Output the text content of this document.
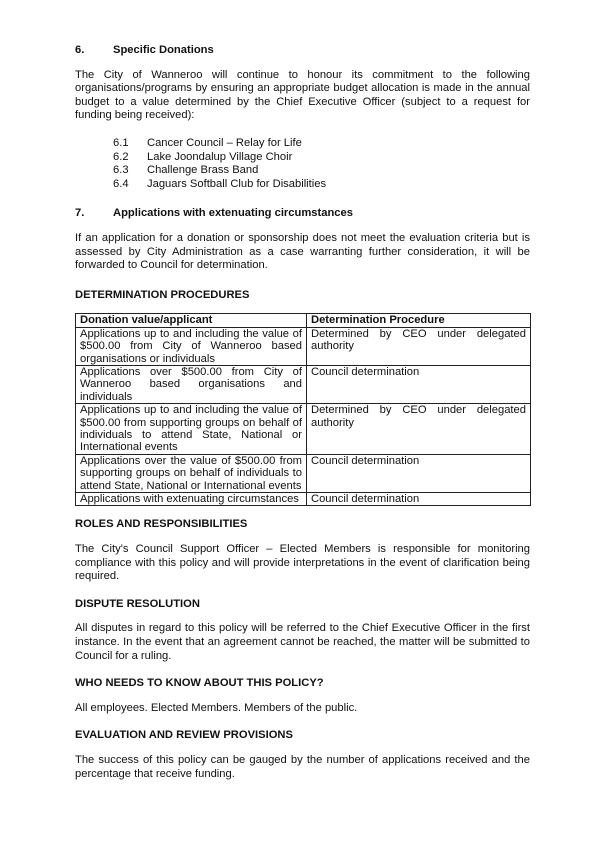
6.	Specific Donations

The City of Wanneroo will continue to honour its commitment to the following organisations/programs by ensuring an appropriate budget allocation is made in the annual budget to a value determined by the Chief Executive Officer (subject to a request for funding being received):

6.1	Cancer Council – Relay for Life
6.2	Lake Joondalup Village Choir
6.3	Challenge Brass Band
6.4	Jaguars Softball Club for Disabilities
7.	Applications with extenuating circumstances

If an application for a donation or sponsorship does not meet the evaluation criteria but is assessed by City Administration as a case warranting further consideration, it will be forwarded to Council for determination.

DETERMINATION PROCEDURES
Donation value/applicant	Determination Procedure
Applications up to and including the value of $500.00 from City of Wanneroo based organisations or individuals	Determined by CEO under delegated authority
Applications over $500.00 from City of Wanneroo based organisations and individuals	Council determination
Applications up to and including the value of $500.00 from supporting groups on behalf of individuals to attend State, National or International events	Determined by CEO under delegated authority
Applications over the value of $500.00 from supporting groups on behalf of individuals to attend State, National or International events	Council determination
Applications with extenuating circumstances	Council determination
ROLES AND RESPONSIBILITIES

The City's Council Support Officer – Elected Members is responsible for monitoring compliance with this policy and will provide interpretations in the event of clarification being required.

DISPUTE RESOLUTION

All disputes in regard to this policy will be referred to the Chief Executive Officer in the first instance. In the event that an agreement cannot be reached, the matter will be submitted to Council for a ruling.

WHO NEEDS TO KNOW ABOUT THIS POLICY?

All employees. Elected Members. Members of the public.

EVALUATION AND REVIEW PROVISIONS

The success of this policy can be gauged by the number of applications received and the percentage that receive funding.
